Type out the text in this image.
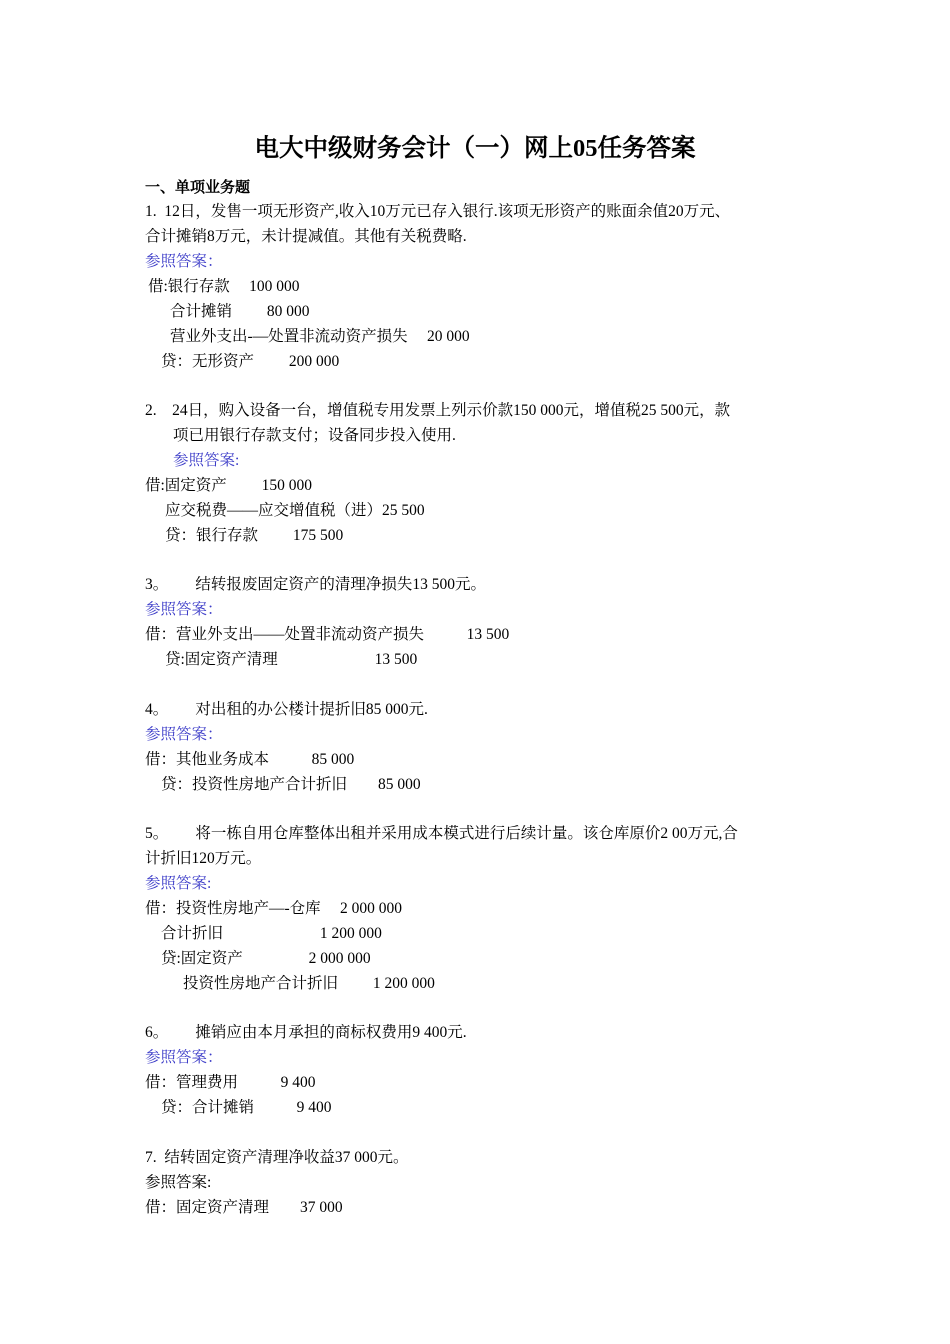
电大中级财务会计（一）网上05任务答案

一、单项业务题

1.  12日，发售一项无形资产,收入10万元已存入银行.该项无形资产的账面余值20万元、

合计摊销8万元，未计提减值。其他有关税费略.

参照答案：

借:银行存款     100 000

合计摊销         80 000

营业外支出-—处置非流动资产损失     20 000

贷：无形资产         200 000

2.    24日，购入设备一台，增值税专用发票上列示价款150 000元，增值税25 500元，款

项已用银行存款支付；设备同步投入使用.

参照答案:

借:固定资产         150 000

应交税费——应交增值税（进）25 500

贷：银行存款         175 500

3。       结转报废固定资产的清理净损失13 500元。

参照答案：

借：营业外支出——处置非流动资产损失           13 500

贷:固定资产清理                         13 500

4。       对出租的办公楼计提折旧85 000元.

参照答案：

借：其他业务成本           85 000

贷：投资性房地产合计折旧        85 000

5。       将一栋自用仓库整体出租并采用成本模式进行后续计量。该仓库原价2 00万元,合

计折旧120万元。

参照答案:

借：投资性房地产—-仓库     2 000 000

合计折旧                         1 200 000

贷:固定资产                 2 000 000

投资性房地产合计折旧         1 200 000

6。       摊销应由本月承担的商标权费用9 400元.

参照答案：

借：管理费用           9 400

贷：合计摊销           9 400

7.  结转固定资产清理净收益37 000元。

参照答案:

借：固定资产清理        37 000
